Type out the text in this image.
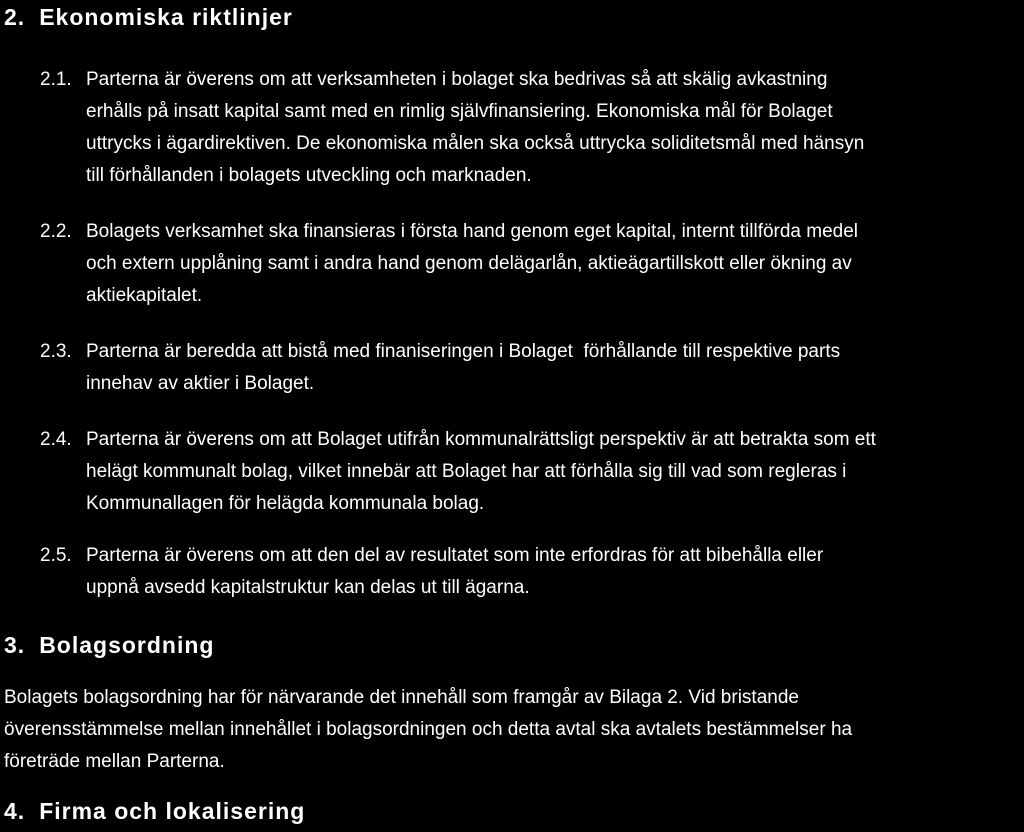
2. Ekonomiska riktlinjer
2.1. Parterna är överens om att verksamheten i bolaget ska bedrivas så att skälig avkastning
erhålls på insatt kapital samt med en rimlig självfinansiering. Ekonomiska mål för Bolaget
uttrycks i ägardirektiven. De ekonomiska målen ska också uttrycka soliditetsmål med hänsyn
till förhållanden i bolagets utveckling och marknaden.
2.2. Bolagets verksamhet ska finansieras i första hand genom eget kapital, internt tillförda medel
och extern upplåning samt i andra hand genom delägarlån, aktieägartillskott eller ökning av
aktiekapitalet.
2.3. Parterna är beredda att bistå med finaniseringen i Bolaget  förhållande till respektive parts
innehav av aktier i Bolaget.
2.4. Parterna är överens om att Bolaget utifrån kommunalrättsligt perspektiv är att betrakta som ett
helägt kommunalt bolag, vilket innebär att Bolaget har att förhålla sig till vad som regleras i
Kommunallagen för helägda kommunala bolag.
2.5. Parterna är överens om att den del av resultatet som inte erfordras för att bibehålla eller
uppnå avsedd kapitalstruktur kan delas ut till ägarna.
3. Bolagsordning
Bolagets bolagsordning har för närvarande det innehåll som framgår av Bilaga 2. Vid bristande
överensstämmelse mellan innehållet i bolagsordningen och detta avtal ska avtalets bestämmelser ha
företräde mellan Parterna.
4. Firma och lokalisering
